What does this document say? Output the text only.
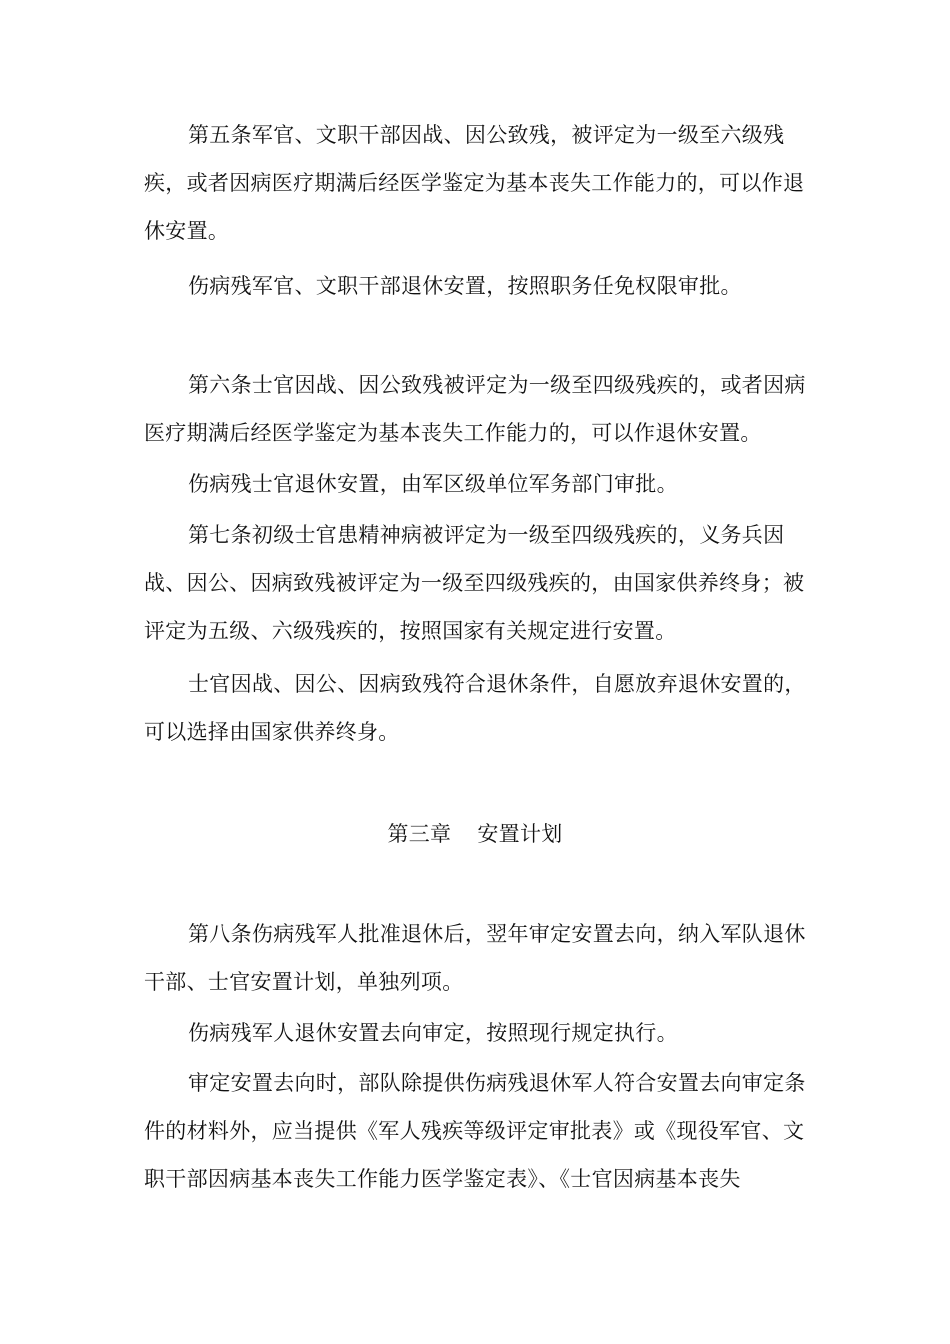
第五条军官、文职干部因战、因公致残，被评定为一级至六级残疾，或者因病医疗期满后经医学鉴定为基本丧失工作能力的，可以作退休安置。

伤病残军官、文职干部退休安置，按照职务任免权限审批。

第六条士官因战、因公致残被评定为一级至四级残疾的，或者因病医疗期满后经医学鉴定为基本丧失工作能力的，可以作退休安置。

伤病残士官退休安置，由军区级单位军务部门审批。

第七条初级士官患精神病被评定为一级至四级残疾的，义务兵因战、因公、因病致残被评定为一级至四级残疾的，由国家供养终身；被评定为五级、六级残疾的，按照国家有关规定进行安置。

士官因战、因公、因病致残符合退休条件，自愿放弃退休安置的，可以选择由国家供养终身。

第三章 安置计划

第八条伤病残军人批准退休后，翌年审定安置去向，纳入军队退休干部、士官安置计划，单独列项。

伤病残军人退休安置去向审定，按照现行规定执行。

审定安置去向时，部队除提供伤病残退休军人符合安置去向审定条件的材料外，应当提供《军人残疾等级评定审批表》或《现役军官、文职干部因病基本丧失工作能力医学鉴定表》、《士官因病基本丧失
